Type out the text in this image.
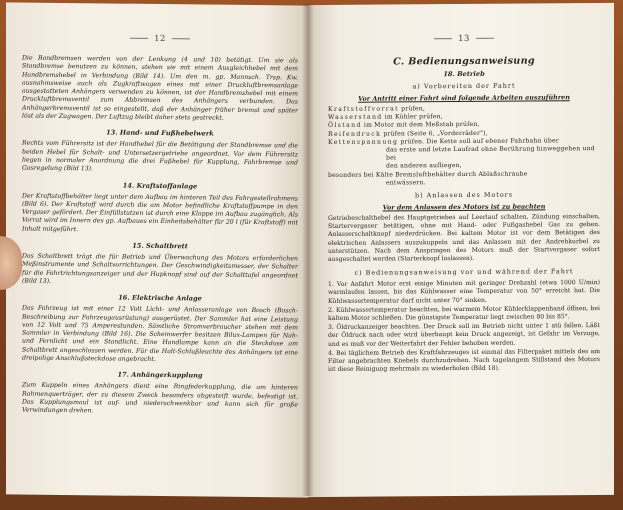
12

Die Bandbremsen werden von der Lenkung (4 und 10) betätigt. Um sie als Standbremse benutzen zu können, stehen sie mit einem Ausgleichhebel mit dem Handbremshebel in Verbindung (Bild 14). Um den m. gp. Mannsch. Trsp. Kw. ausnahmsweise auch als Zugkraftwagen eines mit einer Druckluftbremsanlage ausgestatteten Anhängers verwenden zu können, ist der Handbremshebel mit einem Druckluftbremsventil zum Abbremsen des Anhängers verbunden. Das Anhängerbremsventil ist so eingestellt, daß der Anhänger früher bremst und später löst als der Zugwagen. Der Luftzug bleibt daher stets gestreckt.

13. Hand- und Fußhebelwerk

Rechts vom Führersitz ist der Handhebel für die Betätigung der Standbremse und die beiden Hebel für Schalt- und Untersetzergetriebe angeordnet. Vor dem Führersitz liegen in normaler Anordnung die drei Fußhebel für Kupplung, Fahrbremse und Gasregelung (Bild 13).

14. Kraftstoffanlage

Der Kraftstoffbehälter liegt unter dem Aufbau im hinteren Teil des Fahrgestellrahmens (Bild 6). Der Kraftstoff wird durch die am Motor befindliche Kraftstoffpumpe in den Vergaser gefördert. Der Einfüllstutzen ist durch eine Klappe im Aufbau zugänglich. Als Vorrat wird im Innern des gp. Aufbaues ein Einheitsbehälter für 20 l (für Kraftstoff) mit Inhalt mitgeführt.

15. Schaltbrett

Das Schaltbrett trägt die für Betrieb und Überwachung des Motors erforderlichen Meßinstrumente und Schaltvorrichtungen. Der Geschwindigkeitsmesser, der Schalter für die Fahrtrichtungsanzeiger und der Hupknopf sind auf der Schalttafel angeordnet (Bild 13).

16. Elektrische Anlage

Das Fahrzeug ist mit einer 12 Volt Licht- und Anlasseranlage von Bosch (Bosch-Beschreibung zur Fahrzeugausrüstung) ausgerüstet. Der Sammler hat eine Leistung von 12 Volt und 75 Amperestunden. Sämtliche Stromverbraucher stehen mit dem Sammler in Verbindung (Bild 16). Die Scheinwerfer besitzen Bilux-Lampen für Nah- und Fernlicht und ein Standlicht. Eine Handlampe kann an die Steckdose am Schaltbrett angeschlossen werden. Für die Halt-Schlußleuchte des Anhängers ist eine dreipolige Anschlußsteckdose angebracht.

17. Anhängerkupplung

Zum Kuppeln eines Anhängers dient eine Ringfederkupplung, die am hinteren Rahmenquerträger, der zu diesem Zweck besonders abgesteift wurde, befestigt ist. Das Kupplungsmaul ist auf- und niederschwenkbar und kann sich für große Verwindungen drehen.

13
C. Bedienungsanweisung
18. Betrieb
a) Vorbereiten der Fahrt
Vor Antritt einer Fahrt sind folgende Arbeiten auszuführen
Kraftstoffvorrat prüfen,
Wasserstand im Kühler prüfen,
Ölstand im Motor mit dem Meßstab prüfen,
Reifendruck prüfen (Seite 6, „Vorderräder"),
Kettenspannung prüfen. Die Kette soll auf ebener Fahrbahn über
das erste und letzte Laufrad ohne Berührung hinweggehen und bei
den anderen aufliegen,
besonders bei Kälte Bremsluftbehälter durch Ablaßschraube
entwässern.
b) Anlassen des Motors
Vor dem Anlassen des Motors ist zu beachten

Getriebeschalthebel des Hauptgetriebes auf Leerlauf schalten, Zündung einschalten, Startervergaser betätigen, ohne mit Hand- oder Fußgashebel Gas zu geben. Anlasserschaltknopf niederdrücken. Bei kaltem Motor ist vor dem Betätigen des elektrischen Anlassers auszukuppeln und das Anlassen mit der Andrehkurbel zu unterstützen. Nach dem Anspringen des Motors muß der Startvergaser sofort ausgeschaltet werden (Starterknopf loslassen).

c) Bedienungsanweisung vor und während der Fahrt

1. Vor Anfahrt Motor erst einige Minuten mit geringer Drehzahl (etwa 1000 U/min) warmlaufen lassen, bis das Kühlwasser eine Temperatur von 50° erreicht hat. Die Kühlwassertemperatur darf nicht unter 70° sinken.

2. Kühlwassertemperatur beachten, bei warmem Motor Kühlerklappenhand öffnen, bei kaltem Motor schließen. Die günstigste Temperatur liegt zwischen 80 bis 85°.

3. Öldruckanzeiger beachten. Der Druck soll im Betrieb nicht unter 1 atü fallen. Läßt der Öldruck nach oder wird überhaupt kein Druck angezeigt, ist Gefahr im Verzuge, und es muß vor der Weiterfahrt der Fehler behoben werden.

4. Bei täglichem Betrieb des Kraftfahrzeuges ist einmal das Filterpaket mittels des am Filter angebrachten Knebels durchzudrehen. Nach tagelangem Stillstand des Motors ist diese Reinigung mehrmals zu wiederholen (Bild 18).
